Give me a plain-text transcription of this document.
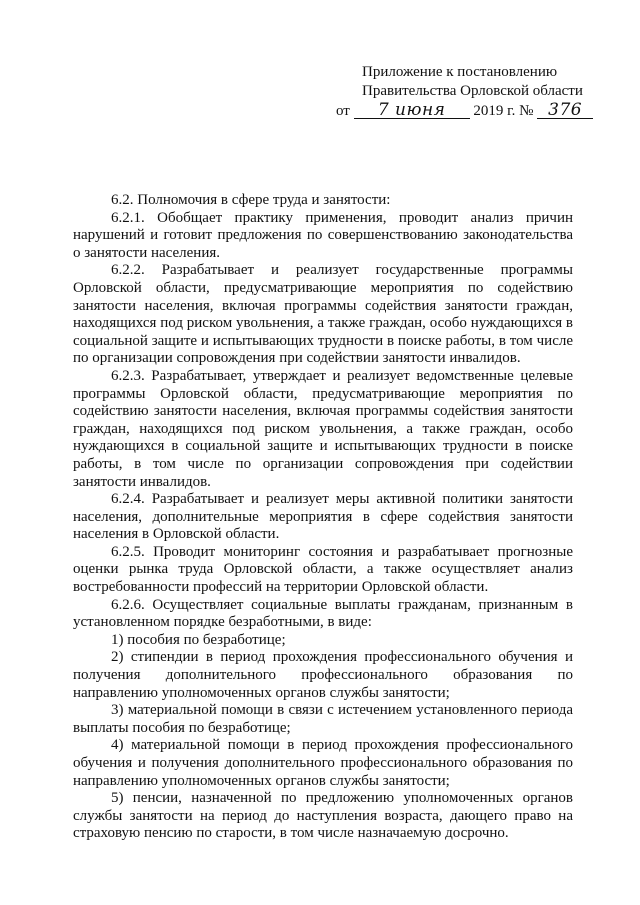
Приложение к постановлению
Правительства Орловской области
от 7 июня 2019 г. № 376

6.2. Полномочия в сфере труда и занятости:

6.2.1. Обобщает практику применения, проводит анализ причин нарушений и готовит предложения по совершенствованию законодательства о занятости населения.

6.2.2. Разрабатывает и реализует государственные программы Орловской области, предусматривающие мероприятия по содействию занятости населения, включая программы содействия занятости граждан, находящихся под риском увольнения, а также граждан, особо нуждающихся в социальной защите и испытывающих трудности в поиске работы, в том числе по организации сопровождения при содействии занятости инвалидов.

6.2.3. Разрабатывает, утверждает и реализует ведомственные целевые программы Орловской области, предусматривающие мероприятия по содействию занятости населения, включая программы содействия занятости граждан, находящихся под риском увольнения, а также граждан, особо нуждающихся в социальной защите и испытывающих трудности в поиске работы, в том числе по организации сопровождения при содействии занятости инвалидов.

6.2.4. Разрабатывает и реализует меры активной политики занятости населения, дополнительные мероприятия в сфере содействия занятости населения в Орловской области.

6.2.5. Проводит мониторинг состояния и разрабатывает прогнозные оценки рынка труда Орловской области, а также осуществляет анализ востребованности профессий на территории Орловской области.

6.2.6. Осуществляет социальные выплаты гражданам, признанным в установленном порядке безработными, в виде:

1) пособия по безработице;

2) стипендии в период прохождения профессионального обучения и получения дополнительного профессионального образования по направлению уполномоченных органов службы занятости;

3) материальной помощи в связи с истечением установленного периода выплаты пособия по безработице;

4) материальной помощи в период прохождения профессионального обучения и получения дополнительного профессионального образования по направлению уполномоченных органов службы занятости;

5) пенсии, назначенной по предложению уполномоченных органов службы занятости на период до наступления возраста, дающего право на страховую пенсию по старости, в том числе назначаемую досрочно.
